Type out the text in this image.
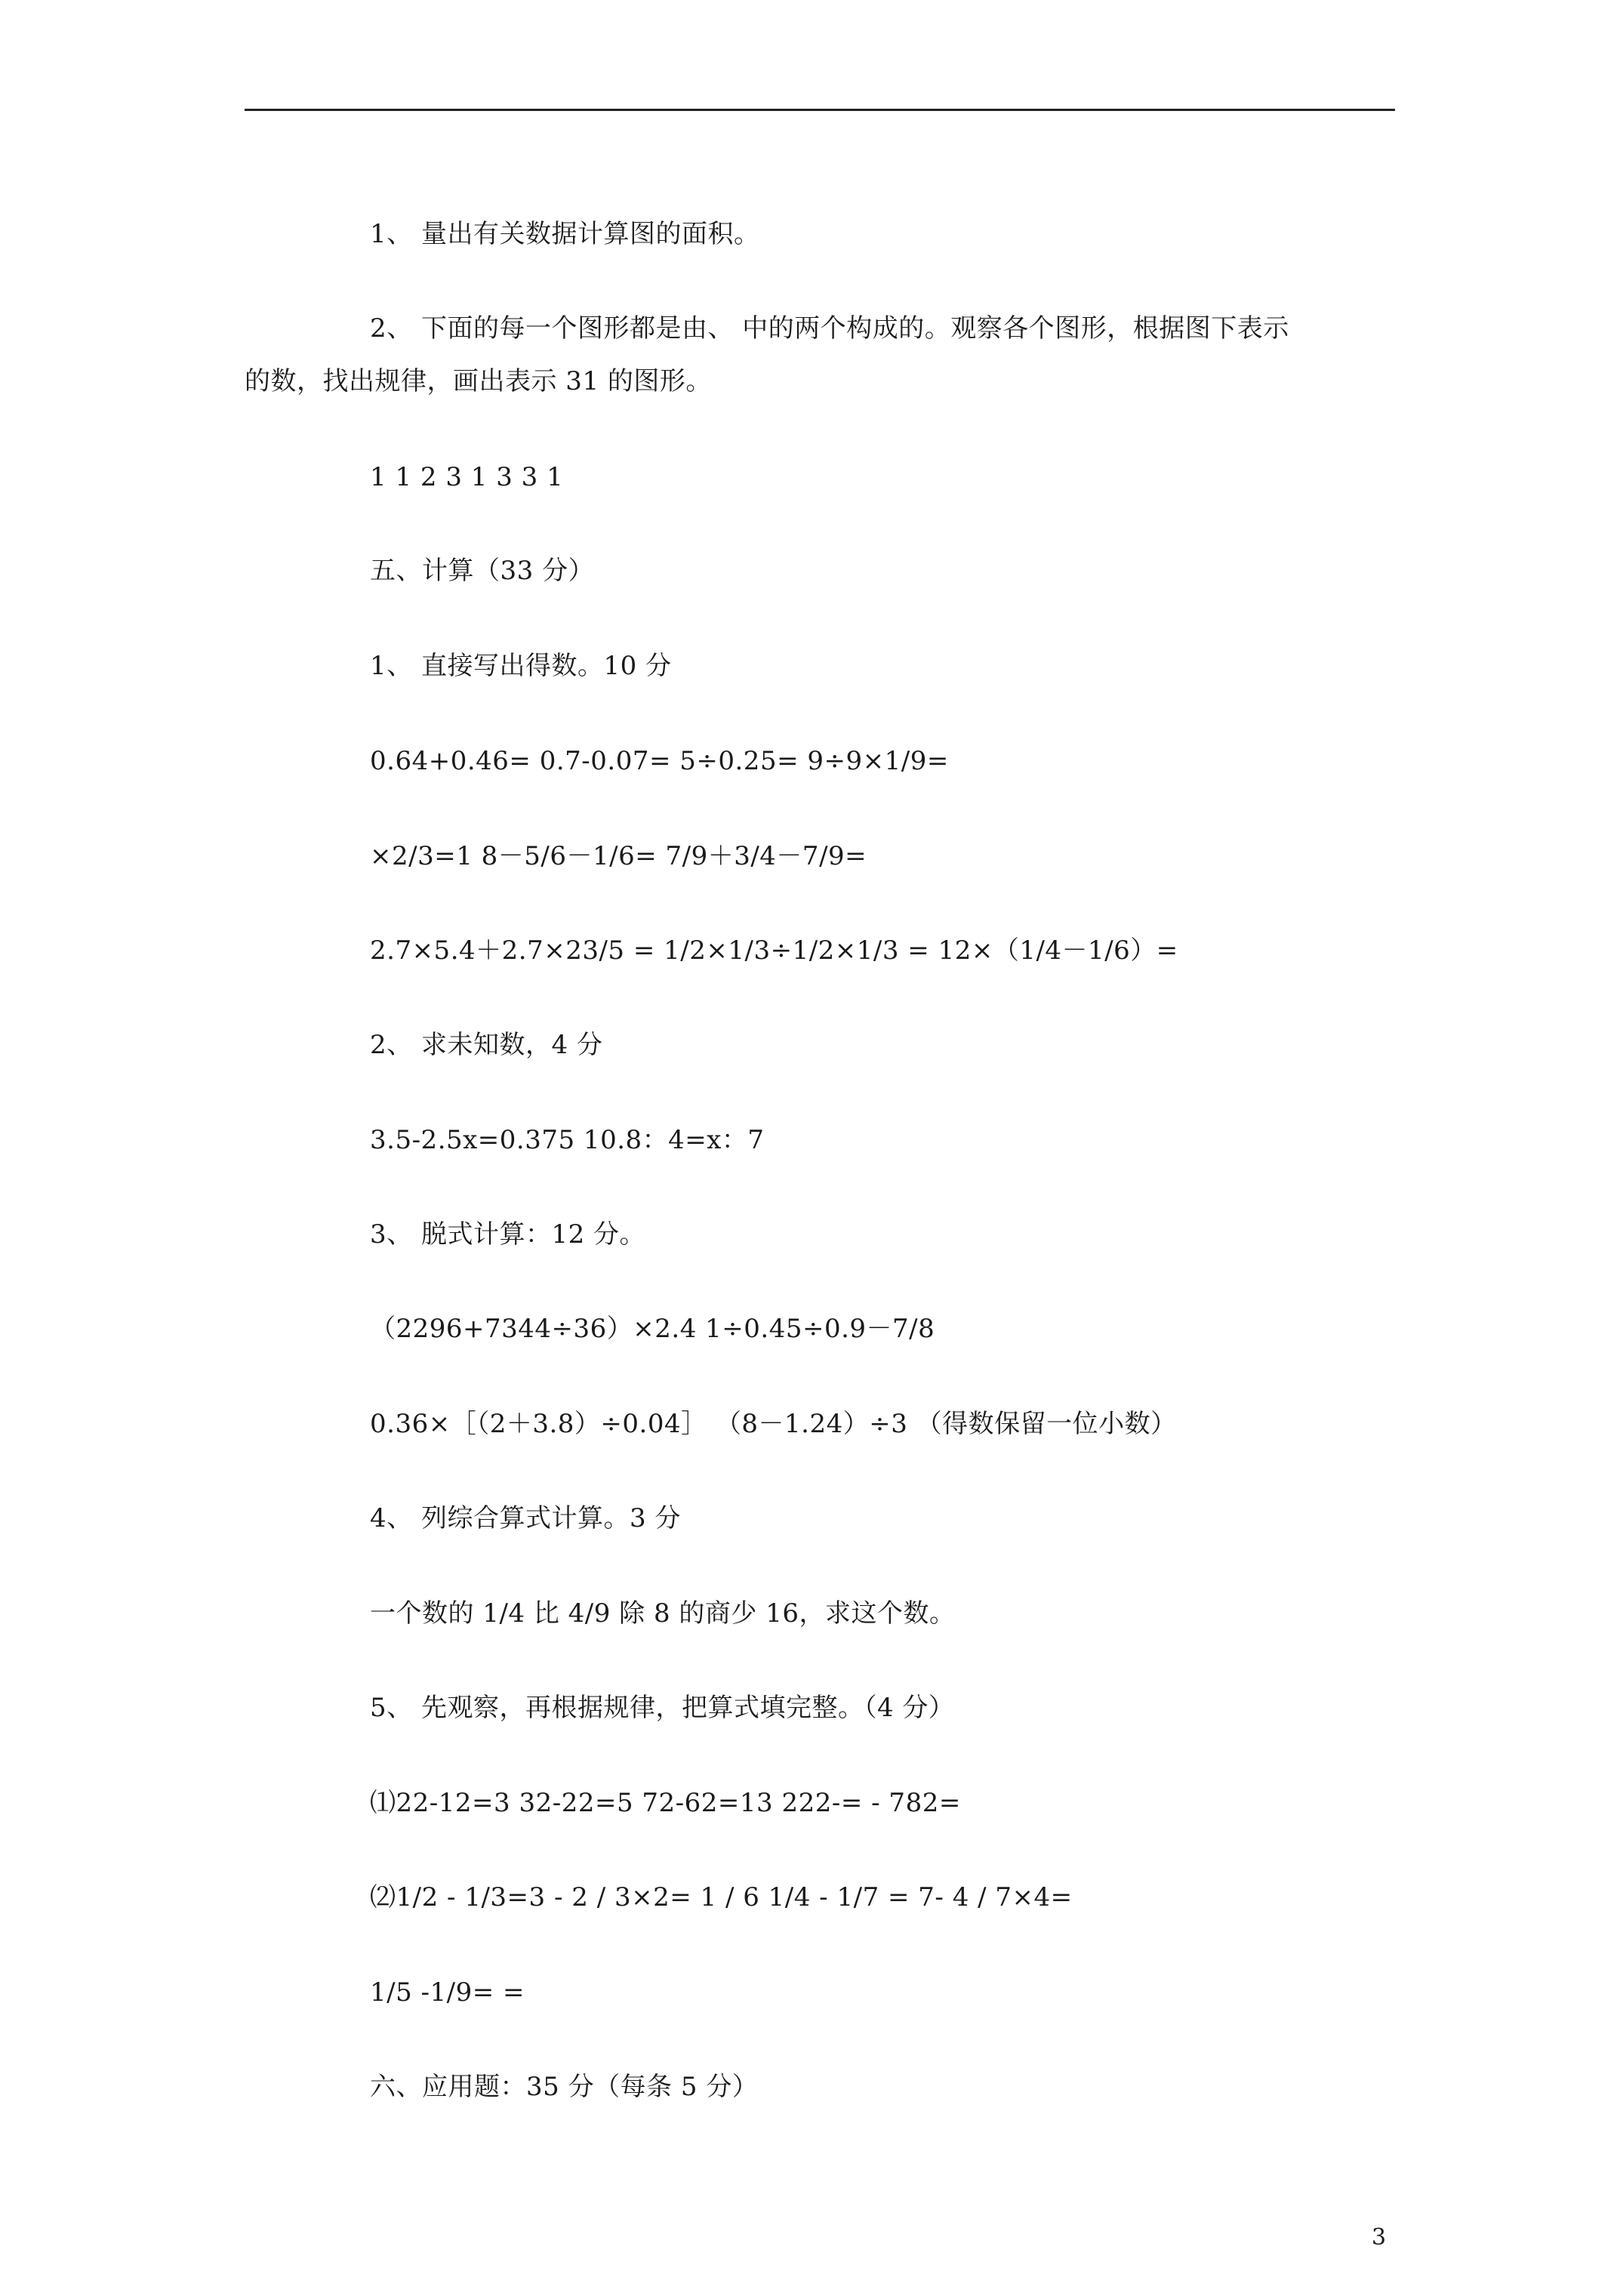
1、 量出有关数据计算图的面积。
2、 下面的每一个图形都是由、 中的两个构成的。观察各个图形，根据图下表示
的数，找出规律，画出表示 31 的图形。
1 1 2 3 1 3 3 1
五、计算（33 分）
1、 直接写出得数。10 分
0.64+0.46= 0.7-0.07= 5÷0.25= 9÷9×1/9=
×2/3=1 8－5/6－1/6= 7/9＋3/4－7/9=
2.7×5.4＋2.7×23/5 = 1/2×1/3÷1/2×1/3 = 12×（1/4－1/6）=
2、 求未知数，4 分
3.5-2.5x=0.375 10.8：4=x：7
3、 脱式计算：12 分。
（2296+7344÷36）×2.4 1÷0.45÷0.9－7/8
0.36×［（2＋3.8）÷0.04］ （8－1.24）÷3 （得数保留一位小数）
4、 列综合算式计算。3 分
一个数的 1/4 比 4/9 除 8 的商少 16，求这个数。
5、 先观察，再根据规律，把算式填完整。（4 分）
⑴22-12=3 32-22=5 72-62=13 222-= - 782=
⑵1/2 - 1/3=3 - 2 / 3×2= 1 / 6 1/4 - 1/7 = 7- 4 / 7×4=
1/5 -1/9= =
六、应用题：35 分（每条 5 分）
3
